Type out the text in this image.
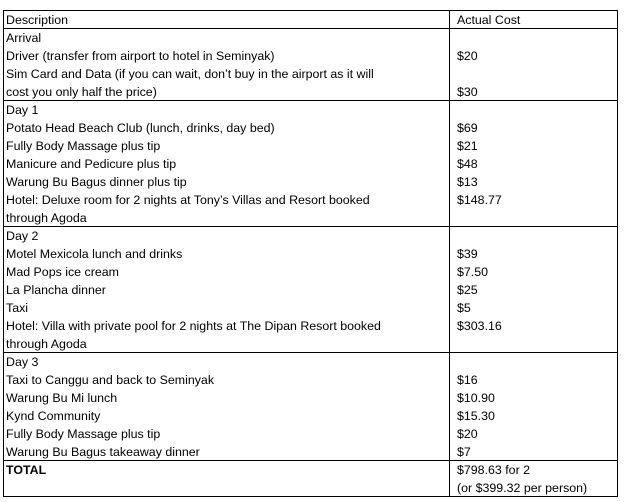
Description	Actual Cost
Arrival
Driver (transfer from airport to hotel in Seminyak)	$20
Sim Card and Data (if you can wait, don’t buy in the airport as it will
cost you only half the price)	$30
Day 1
Potato Head Beach Club (lunch, drinks, day bed)	$69
Fully Body Massage plus tip	$21
Manicure and Pedicure plus tip	$48
Warung Bu Bagus dinner plus tip	$13
Hotel: Deluxe room for 2 nights at Tony’s Villas and Resort booked	$148.77
through Agoda
Day 2
Motel Mexicola lunch and drinks	$39
Mad Pops ice cream	$7.50
La Plancha dinner	$25
Taxi	$5
Hotel: Villa with private pool for 2 nights at The Dipan Resort booked	$303.16
through Agoda
Day 3
Taxi to Canggu and back to Seminyak	$16
Warung Bu Mi lunch	$10.90
Kynd Community	$15.30
Fully Body Massage plus tip	$20
Warung Bu Bagus takeaway dinner	$7
TOTAL	$798.63 for 2
(or $399.32 per person)
